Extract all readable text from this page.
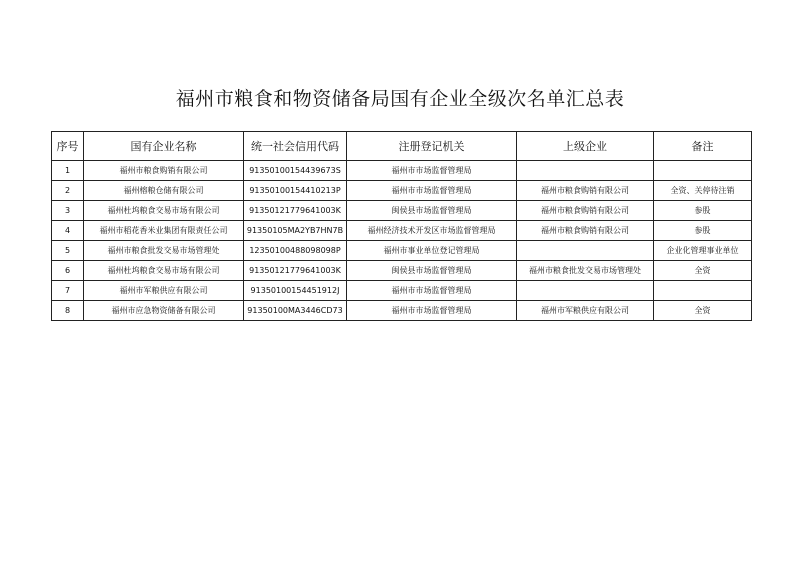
福州市粮食和物资储备局国有企业全级次名单汇总表
序号	国有企业名称	统一社会信用代码	注册登记机关	上级企业	备注
1	福州市粮食购销有限公司	91350100154439673S	福州市市场监督管理局		
2	福州榕粮仓储有限公司	91350100154410213P	福州市市场监督管理局	福州市粮食购销有限公司	全资、关停待注销
3	福州杜坞粮食交易市场有限公司	91350121779641003K	闽侯县市场监督管理局	福州市粮食购销有限公司	参股
4	福州市稻花香米业集团有限责任公司	91350105MA2YB7HN7B	福州经济技术开发区市场监督管理局	福州市粮食购销有限公司	参股
5	福州市粮食批发交易市场管理处	12350100488098098P	福州市事业单位登记管理局		企业化管理事业单位
6	福州杜坞粮食交易市场有限公司	91350121779641003K	闽侯县市场监督管理局	福州市粮食批发交易市场管理处	全资
7	福州市军粮供应有限公司	91350100154451912J	福州市市场监督管理局		
8	福州市应急物资储备有限公司	91350100MA3446CD73	福州市市场监督管理局	福州市军粮供应有限公司	全资
